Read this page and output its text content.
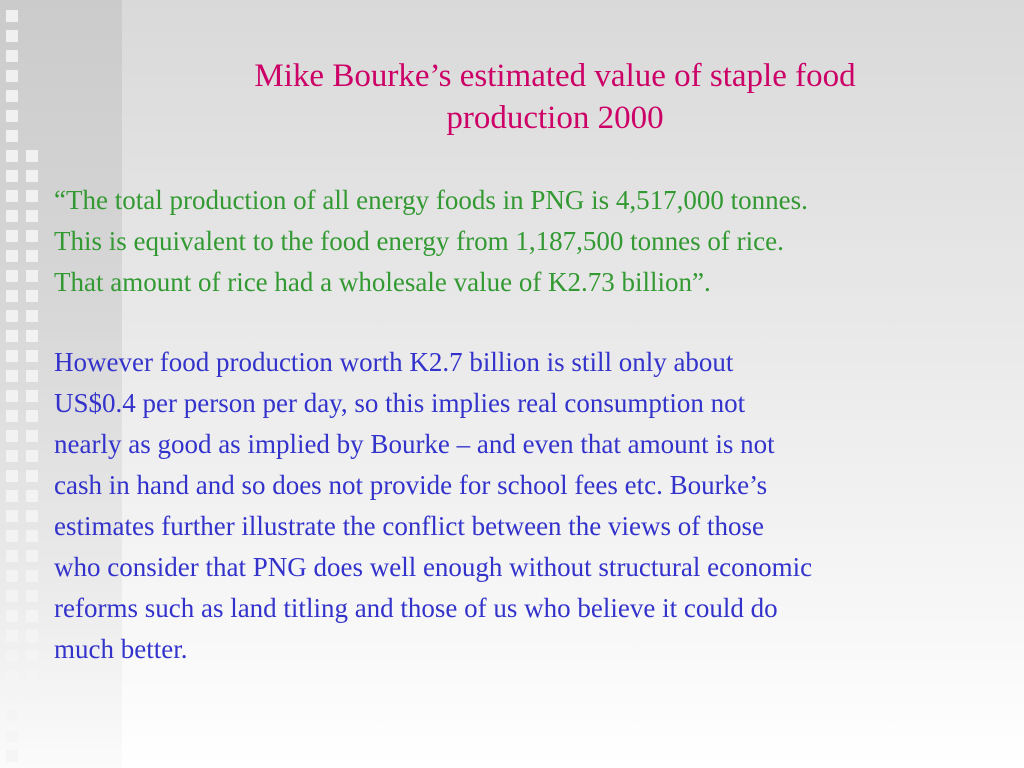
Mike Bourke’s estimated value of staple food
production 2000
“The total production of all energy foods in PNG is 4,517,000 tonnes.
This is equivalent to the food energy from 1,187,500 tonnes of rice.
That amount of rice had a wholesale value of K2.73 billion”.
However food production worth K2.7 billion is still only about
US$0.4 per person per day, so this implies real consumption not
nearly as good as implied by Bourke – and even that amount is not
cash in hand and so does not provide for school fees etc. Bourke’s
estimates further illustrate the conflict between the views of those
who consider that PNG does well enough without structural economic
reforms such as land titling and those of us who believe it could do
much better.
